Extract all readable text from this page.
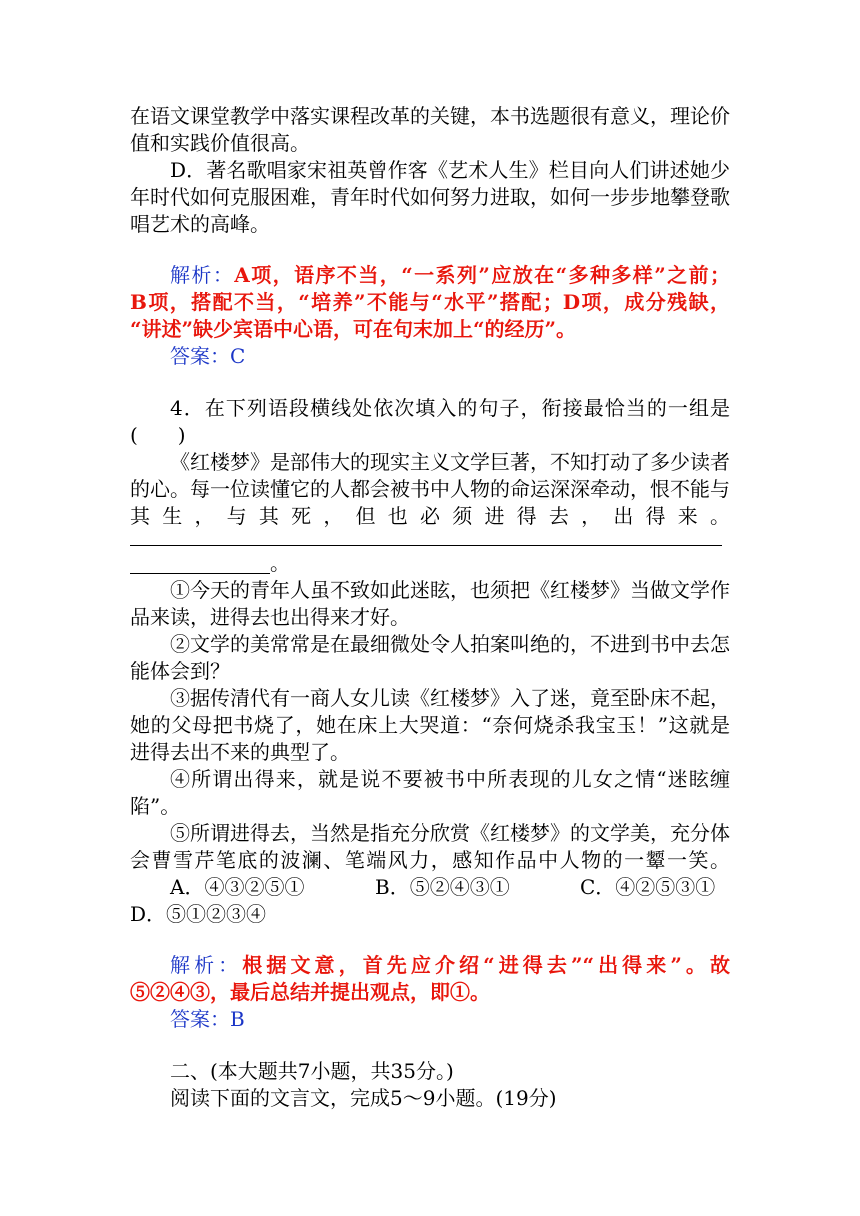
在语文课堂教学中落实课程改革的关键，本书选题很有意义，理论价
值和实践价值很高。
D．著名歌唱家宋祖英曾作客《艺术人生》栏目向人们讲述她少
年时代如何克服困难，青年时代如何努力进取，如何一步步地攀登歌
唱艺术的高峰。
解析：A项，语序不当，“一系列”应放在“多种多样”之前；
B项，搭配不当，“培养”不能与“水平”搭配；D项，成分残缺，
“讲述”缺少宾语中心语，可在句末加上“的经历”。
答案：C
4．在下列语段横线处依次填入的句子，衔接最恰当的一组是
(　　)
《红楼梦》是部伟大的现实主义文学巨著，不知打动了多少读者
的心。每一位读懂它的人都会被书中人物的命运深深牵动，恨不能与
其生，与其死，但也必须进得去，出得来。
。
①今天的青年人虽不致如此迷眩，也须把《红楼梦》当做文学作
品来读，进得去也出得来才好。
②文学的美常常是在最细微处令人拍案叫绝的，不进到书中去怎
能体会到？
③据传清代有一商人女儿读《红楼梦》入了迷，竟至卧床不起，
她的父母把书烧了，她在床上大哭道：“奈何烧杀我宝玉！”这就是
进得去出不来的典型了。
④所谓出得来，就是说不要被书中所表现的儿女之情“迷眩缠
陷”。
⑤所谓进得去，当然是指充分欣赏《红楼梦》的文学美，充分体
会曹雪芹笔底的波澜、笔端风力，感知作品中人物的一颦一笑。
A．④③②⑤①	B．⑤②④③①	C．④②⑤③①
D．⑤①②③④
解析：根据文意，首先应介绍“进得去”“出得来”。故
⑤②④③，最后总结并提出观点，即①。
答案：B
二、(本大题共7小题，共35分。)
阅读下面的文言文，完成5～9小题。(19分)
